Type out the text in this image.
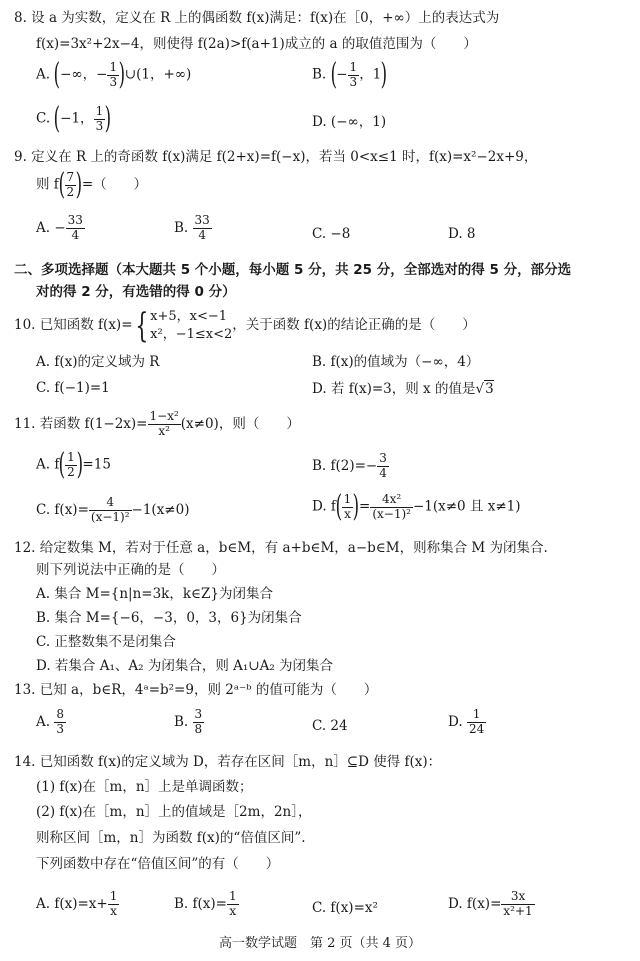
8. 设 a 为实数，定义在 R 上的偶函数 f(x)满足：f(x)在［0，+∞）上的表达式为
f(x)=3x²+2x−4，则使得 f(2a)>f(a+1)成立的 a 的取值范围为（　　）
A. (−∞，− $\frac{1}{3}$ )∪(1，+∞)	B. (− $\frac{1}{3}$ ，1)
C. (−1， $\frac{1}{3}$ )	D. (−∞，1)
9. 定义在 R 上的奇函数 f(x)满足 f(2+x)=f(−x)，若当 0<x≤1 时，f(x)=x²−2x+9，
则 $f( \frac{7}{2}$ )=（　　）
A. − $\frac{33}{4}$	B. $\frac{33}{4}$	C. −8	D. 8
二、多项选择题（本大题共 5 个小题，每小题 5 分，共 25 分，全部选对的得 5 分，部分选
对的得 2 分，有选错的得 0 分）
10. 已知函数 f(x)={ x+5，x<−1
x²，−1≤x<2
，关于函数 f(x)的结论正确的是（　　）
A. f(x)的定义域为 R	B. f(x)的值域为（−∞，4）
C. f(−1)=1	D. 若 f(x)=3，则 x 的值是√3
11. 若函数 $f(1-2x)= \frac{\text{1−x²}}{\text{x²}} (x\ne 0)$，则（　　）
A. $f( \frac{1}{2} )=15$	B. $f(2)=- \frac{3}{4}$
C. $f(x)= \frac{4}{\text{(x−1)²}} -1(x\ne 0)$	D. $f( \frac{1}{x}$ )= $\frac{\text{4x²}}{\text{(x−1)²}} -1(x\ne 0$ 且 x≠1)
12. 给定数集 M，若对于任意 a，b∈M，有 a+b∈M，a−b∈M，则称集合 M 为闭集合.
则下列说法中正确的是（　　）
A. 集合 M={n|n=3k，k∈Z}为闭集合
B. 集合 M={−6，−3，0，3，6}为闭集合
C. 正整数集不是闭集合
D. 若集合 A₁、A₂ 为闭集合，则 A₁∪A₂ 为闭集合
13. 已知 a，b∈R，4ᵃ=b²=9，则 2ᵃ⁻ᵇ 的值可能为（　　）
A. $\frac{8}{3}$	B. $\frac{3}{8}$	C. 24	D. $\frac{1}{24}$
14. 已知函数 f(x)的定义域为 D，若存在区间［m，n］⊆D 使得 f(x)：
(1) f(x)在［m，n］上是单调函数；
(2) f(x)在［m，n］上的值域是［2m，2n］，
则称区间［m，n］为函数 f(x)的“倍值区间”.
下列函数中存在“倍值区间”的有（　　）
A. $f(x)=x+ \frac{1}{x}$	B. $f(x)= \frac{1}{x}$	C. f(x)=x²	D. $f(x)= \frac{3x}{\text{x²+1}}$
高一数学试题　第 2 页（共 4 页）
